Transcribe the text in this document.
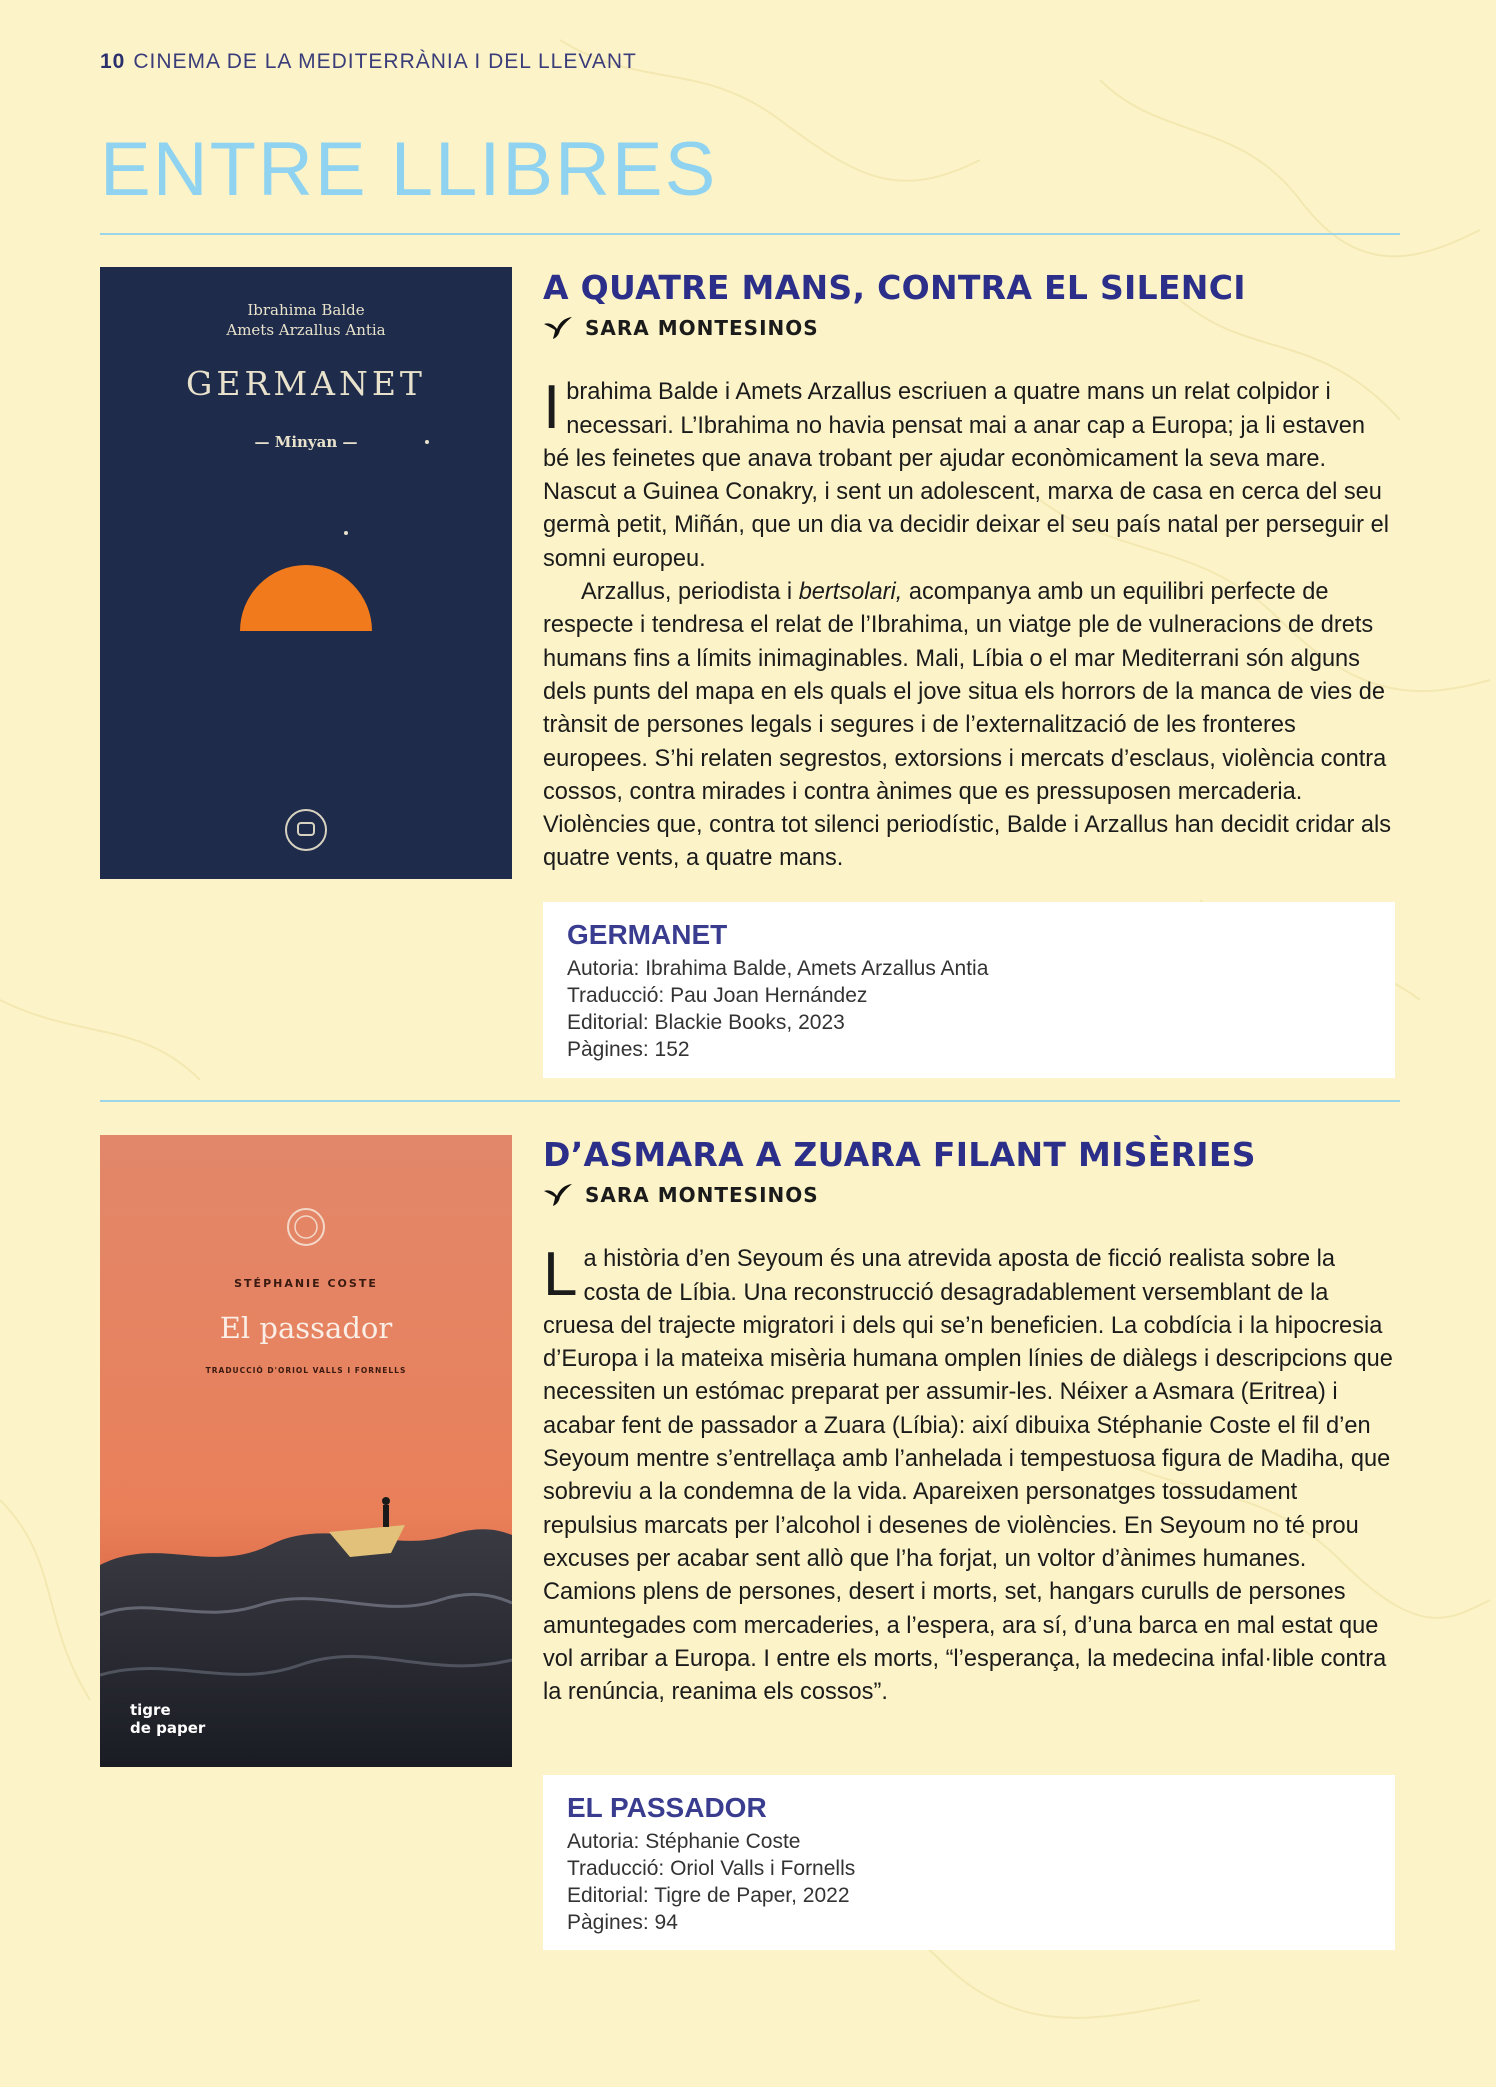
10 CINEMA DE LA MEDITERRÀNIA I DEL LLEVANT
ENTRE LLIBRES
Ibrahima Balde
Amets Arzallus Antia
GERMANET
— Minyan —
A QUATRE MANS, CONTRA EL SILENCI
SARA MONTESINOS

Ibrahima Balde i Amets Arzallus escriuen a quatre mans un relat colpidor i necessari. L’Ibrahima no havia pensat mai a anar cap a Europa; ja li estaven bé les feinetes que anava trobant per ajudar econòmicament la seva mare. Nascut a Guinea Conakry, i sent un adolescent, marxa de casa en cerca del seu germà petit, Miñán, que un dia va decidir deixar el seu país natal per perseguir el somni europeu.

Arzallus, periodista i bertsolari, acompanya amb un equilibri perfecte de respecte i tendresa el relat de l’Ibrahima, un viatge ple de vulneracions de drets humans fins a límits inimaginables. Mali, Líbia o el mar Mediterrani són alguns dels punts del mapa en els quals el jove situa els horrors de la manca de vies de trànsit de persones legals i segures i de l’externalització de les fronteres europees. S’hi relaten segrestos, extorsions i mercats d’esclaus, violència contra cossos, contra mirades i contra ànimes que es pressuposen mercaderia. Violències que, contra tot silenci periodístic, Balde i Arzallus han decidit cridar als quatre vents, a quatre mans.

GERMANET
Autoria: Ibrahima Balde, Amets Arzallus Antia
Traducció: Pau Joan Hernández
Editorial: Blackie Books, 2023
Pàgines: 152
STÉPHANIE COSTE
El passador
TRADUCCIÓ D'ORIOL VALLS I FORNELLS
tigre
de paper
D’ASMARA A ZUARA FILANT MISÈRIES
SARA MONTESINOS

La història d’en Seyoum és una atrevida aposta de ficció realista sobre la costa de Líbia. Una reconstrucció desagradablement versemblant de la cruesa del trajecte migratori i dels qui se’n beneficien. La cobdícia i la hipocresia d’Europa i la mateixa misèria humana omplen línies de diàlegs i descripcions que necessiten un estómac preparat per assumir-les. Néixer a Asmara (Eritrea) i acabar fent de passador a Zuara (Líbia): així dibuixa Stéphanie Coste el fil d’en Seyoum mentre s’entrellaça amb l’anhelada i tempestuosa figura de Madiha, que sobreviu a la condemna de la vida. Apareixen personatges tossudament repulsius marcats per l’alcohol i desenes de violències. En Seyoum no té prou excuses per acabar sent allò que l’ha forjat, un voltor d’ànimes humanes. Camions plens de persones, desert i morts, set, hangars curulls de persones amuntegades com mercaderies, a l’espera, ara sí, d’una barca en mal estat que vol arribar a Europa. I entre els morts, “l’esperança, la medecina infal·lible contra la renúncia, reanima els cossos”.

EL PASSADOR
Autoria: Stéphanie Coste
Traducció: Oriol Valls i Fornells
Editorial: Tigre de Paper, 2022
Pàgines: 94
